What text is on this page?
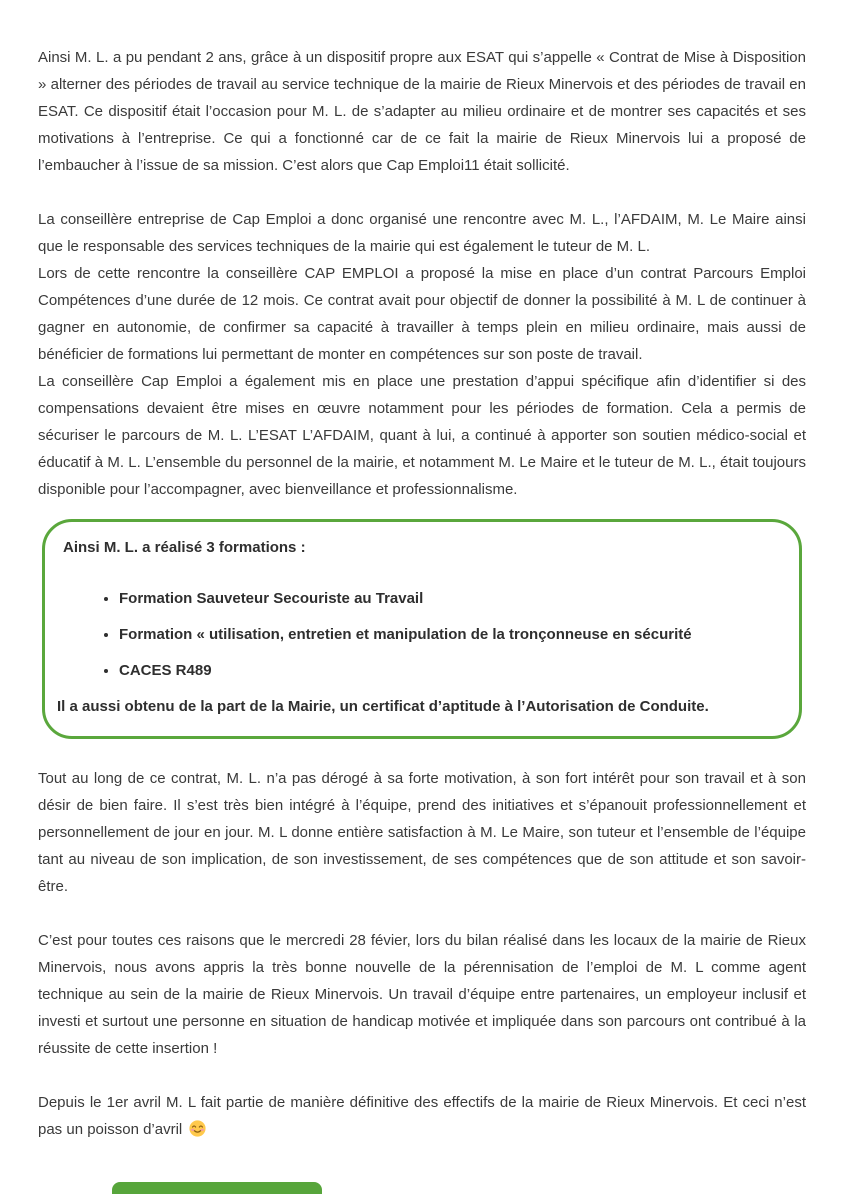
Ainsi M. L. a pu pendant 2 ans, grâce à un dispositif propre aux ESAT qui s’appelle « Contrat de Mise à Disposition » alterner des périodes de travail au service technique de la mairie de Rieux Minervois et des périodes de travail en ESAT. Ce dispositif était l’occasion pour M. L. de s’adapter au milieu ordinaire et de montrer ses capacités et ses motivations à l’entreprise. Ce qui a fonctionné car de ce fait la mairie de Rieux Minervois lui a proposé de l’embaucher à l’issue de sa mission. C’est alors que Cap Emploi11 était sollicité.

La conseillère entreprise de Cap Emploi a donc organisé une rencontre avec M. L., l’AFDAIM, M. Le Maire ainsi que le responsable des services techniques de la mairie qui est également le tuteur de M. L.

Lors de cette rencontre la conseillère CAP EMPLOI a proposé la mise en place d’un contrat Parcours Emploi Compétences d’une durée de 12 mois. Ce contrat avait pour objectif de donner la possibilité à M. L de continuer à gagner en autonomie, de confirmer sa capacité à travailler à temps plein en milieu ordinaire, mais aussi de bénéficier de formations lui permettant de monter en compétences sur son poste de travail.

La conseillère Cap Emploi a également mis en place une prestation d’appui spécifique afin d’identifier si des compensations devaient être mises en œuvre notamment pour les périodes de formation. Cela a permis de sécuriser le parcours de M. L. L’ESAT L’AFDAIM, quant à lui, a continué à apporter son soutien médico-social et éducatif à M. L. L’ensemble du personnel de la mairie, et notamment M. Le Maire et le tuteur de M. L., était toujours disponible pour l’accompagner, avec bienveillance et professionnalisme.

Ainsi M. L. a réalisé 3 formations :

• Formation Sauveteur Secouriste au Travail
• Formation « utilisation, entretien et manipulation de la tronçonneuse en sécurité
• CACES R489

Il a aussi obtenu de la part de la Mairie, un certificat d’aptitude à l’Autorisation de Conduite.

Tout au long de ce contrat, M. L. n’a pas dérogé à sa forte motivation, à son fort intérêt pour son travail et à son désir de bien faire. Il s’est très bien intégré à l’équipe, prend des initiatives et s’épanouit professionnellement et personnellement de jour en jour. M. L donne entière satisfaction à M. Le Maire, son tuteur et l’ensemble de l’équipe tant au niveau de son implication, de son investissement, de ses compétences que de son attitude et son savoir-être.

C’est pour toutes ces raisons que le mercredi 28 févier, lors du bilan réalisé dans les locaux de la mairie de Rieux Minervois, nous avons appris la très bonne nouvelle de la pérennisation de l’emploi de M. L comme agent technique au sein de la mairie de Rieux Minervois. Un travail d’équipe entre partenaires, un employeur inclusif et investi et surtout une personne en situation de handicap motivée et impliquée dans son parcours ont contribué à la réussite de cette insertion !

Depuis le 1er avril M. L fait partie de manière définitive des effectifs de la mairie de Rieux Minervois. Et ceci n’est pas un poisson d’avril
